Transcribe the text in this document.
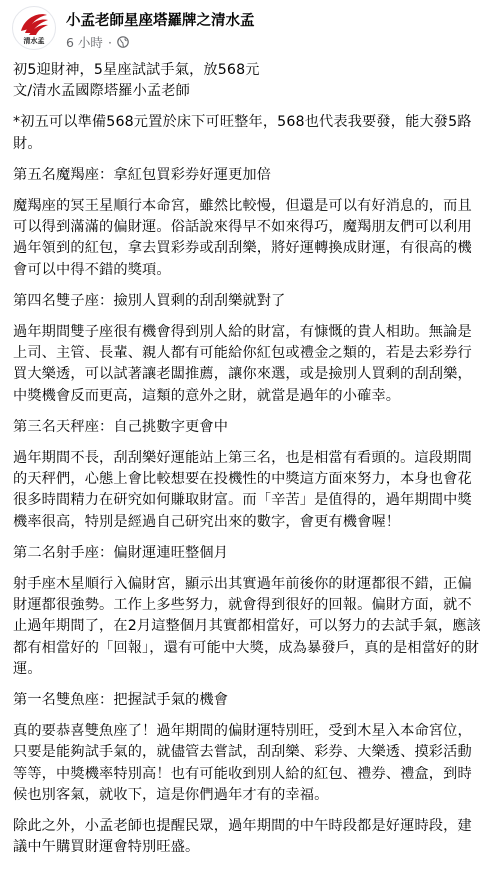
清水孟
小孟老師星座塔羅牌之清水孟
6 小時 ·

初5迎財神，5星座試試手氣，放568元

文/清水孟國際塔羅小孟老師

*初五可以準備568元置於床下可旺整年，568也代表我要發，能大發5路財。

第五名魔羯座：拿紅包買彩券好運更加倍

魔羯座的冥王星順行本命宮，雖然比較慢，但還是可以有好消息的，而且可以得到滿滿的偏財運。俗話說來得早不如來得巧，魔羯朋友們可以利用過年領到的紅包，拿去買彩券或刮刮樂，將好運轉換成財運，有很高的機會可以中得不錯的獎項。

第四名雙子座：撿別人買剩的刮刮樂就對了

過年期間雙子座很有機會得到別人給的財富，有慷慨的貴人相助。無論是上司、主管、長輩、親人都有可能給你紅包或禮金之類的，若是去彩券行買大樂透，可以試著讓老闆推薦，讓你來選，或是撿別人買剩的刮刮樂，中獎機會反而更高，這類的意外之財，就當是過年的小確幸。

第三名天秤座：自己挑數字更會中

過年期間不長，刮刮樂好運能站上第三名，也是相當有看頭的。這段期間的天秤們，心態上會比較想要在投機性的中獎這方面來努力，本身也會花很多時間精力在研究如何賺取財富。而「辛苦」是值得的，過年期間中獎機率很高，特別是經過自己研究出來的數字，會更有機會喔！

第二名射手座：偏財運連旺整個月

射手座木星順行入偏財宮，顯示出其實過年前後你的財運都很不錯，正偏財運都很強勢。工作上多些努力，就會得到很好的回報。偏財方面，就不止過年期間了，在2月這整個月其實都相當好，可以努力的去試手氣，應該都有相當好的「回報」，還有可能中大獎，成為暴發戶，真的是相當好的財運。

第一名雙魚座：把握試手氣的機會

真的要恭喜雙魚座了！過年期間的偏財運特別旺，受到木星入本命宮位，只要是能夠試手氣的，就儘管去嘗試，刮刮樂、彩券、大樂透、摸彩活動等等，中獎機率特別高！也有可能收到別人給的紅包、禮券、禮盒，到時候也別客氣，就收下，這是你們過年才有的幸福。

除此之外，小孟老師也提醒民眾，過年期間的中午時段都是好運時段，建議中午購買財運會特別旺盛。
